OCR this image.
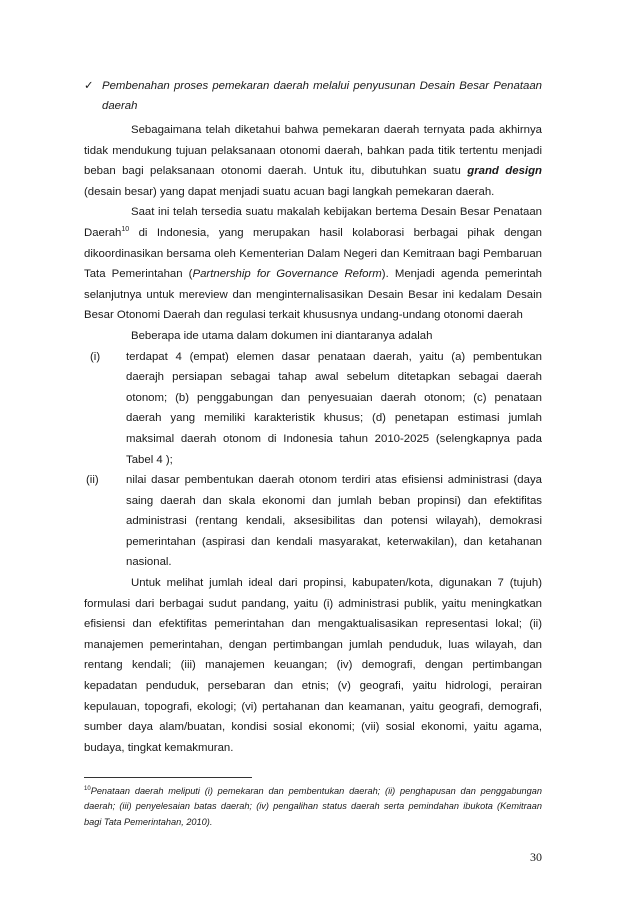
✓ Pembenahan proses pemekaran daerah melalui penyusunan Desain Besar Penataan daerah

Sebagaimana telah diketahui bahwa pemekaran daerah ternyata pada akhirnya tidak mendukung tujuan pelaksanaan otonomi daerah, bahkan pada titik tertentu menjadi beban bagi pelaksanaan otonomi daerah. Untuk itu, dibutuhkan suatu grand design (desain besar) yang dapat menjadi suatu acuan bagi langkah pemekaran daerah.

Saat ini telah tersedia suatu makalah kebijakan bertema Desain Besar Penataan Daerah$^{10}$ di Indonesia, yang merupakan hasil kolaborasi berbagai pihak dengan dikoordinasikan bersama oleh Kementerian Dalam Negeri dan Kemitraan bagi Pembaruan Tata Pemerintahan (Partnership for Governance Reform). Menjadi agenda pemerintah selanjutnya untuk mereview dan menginternalisasikan Desain Besar ini kedalam Desain Besar Otonomi Daerah dan regulasi terkait khususnya undang-undang otonomi daerah

Beberapa ide utama dalam dokumen ini diantaranya adalah

(i)	terdapat 4 (empat) elemen dasar penataan daerah, yaitu (a) pembentukan daerajh persiapan sebagai tahap awal sebelum ditetapkan sebagai daerah otonom; (b) penggabungan dan penyesuaian daerah otonom; (c) penataan daerah yang memiliki karakteristik khusus; (d) penetapan estimasi jumlah maksimal daerah otonom di Indonesia tahun 2010-2025 (selengkapnya pada Tabel 4 );
(ii)	nilai dasar pembentukan daerah otonom terdiri atas efisiensi administrasi (daya saing daerah dan skala ekonomi dan jumlah beban propinsi) dan efektifitas administrasi (rentang kendali, aksesibilitas dan potensi wilayah), demokrasi pemerintahan (aspirasi dan kendali masyarakat, keterwakilan), dan ketahanan nasional.

Untuk melihat jumlah ideal dari propinsi, kabupaten/kota, digunakan 7 (tujuh) formulasi dari berbagai sudut pandang, yaitu (i) administrasi publik, yaitu meningkatkan efisiensi dan efektifitas pemerintahan dan mengaktualisasikan representasi lokal; (ii) manajemen pemerintahan, dengan pertimbangan jumlah penduduk, luas wilayah, dan rentang kendali; (iii) manajemen keuangan; (iv) demografi, dengan pertimbangan kepadatan penduduk, persebaran dan etnis; (v) geografi, yaitu hidrologi, perairan kepulauan, topografi, ekologi; (vi) pertahanan dan keamanan, yaitu geografi, demografi, sumber daya alam/buatan, kondisi sosial ekonomi; (vii) sosial ekonomi, yaitu agama, budaya, tingkat kemakmuran.

$^{10}$Penataan daerah meliputi (i) pemekaran dan pembentukan daerah; (ii) penghapusan dan penggabungan daerah; (iii) penyelesaian batas daerah; (iv) pengalihan status daerah serta pemindahan ibukota (Kemitraan bagi Tata Pemerintahan, 2010).
30
